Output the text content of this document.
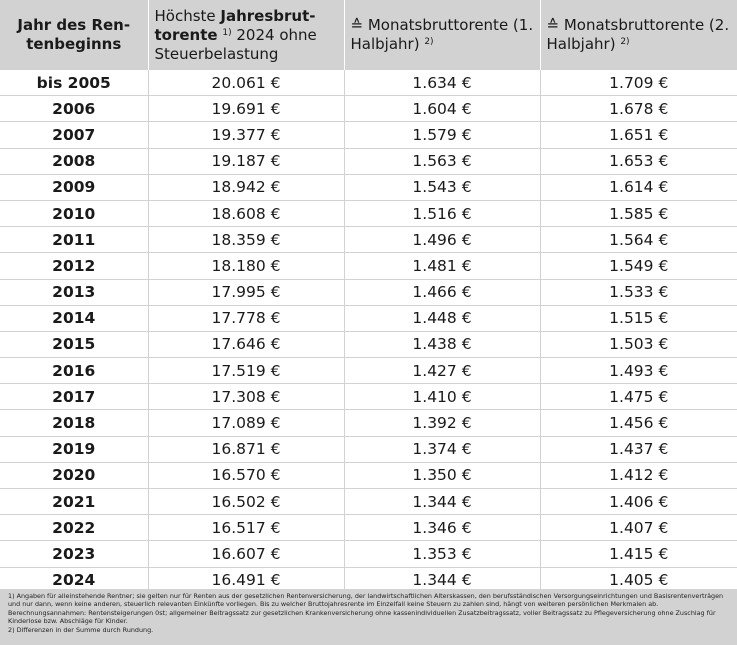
Jahr des Ren-tenbeginns	Höchste Jahresbrut-torente $^{1)}$ 2024 ohne Steuerbelastung	≙ Monatsbruttorente (1. Halbjahr) $^{2)}$	≙ Monatsbruttorente (2. Halbjahr) $^{2)}$
bis 2005	20.061 €	1.634 €	1.709 €
2006	19.691 €	1.604 €	1.678 €
2007	19.377 €	1.579 €	1.651 €
2008	19.187 €	1.563 €	1.653 €
2009	18.942 €	1.543 €	1.614 €
2010	18.608 €	1.516 €	1.585 €
2011	18.359 €	1.496 €	1.564 €
2012	18.180 €	1.481 €	1.549 €
2013	17.995 €	1.466 €	1.533 €
2014	17.778 €	1.448 €	1.515 €
2015	17.646 €	1.438 €	1.503 €
2016	17.519 €	1.427 €	1.493 €
2017	17.308 €	1.410 €	1.475 €
2018	17.089 €	1.392 €	1.456 €
2019	16.871 €	1.374 €	1.437 €
2020	16.570 €	1.350 €	1.412 €
2021	16.502 €	1.344 €	1.406 €
2022	16.517 €	1.346 €	1.407 €
2023	16.607 €	1.353 €	1.415 €
2024	16.491 €	1.344 €	1.405 €
1) Angaben für alleinstehende Rentner; sie gelten nur für Renten aus der gesetzlichen Rentenversicherung, der landwirtschaftlichen Alterskassen, den berufsständischen Versorgungseinrichtungen und Basisrentenverträgen und nur dann, wenn keine anderen, steuerlich relevanten Einkünfte vorliegen. Bis zu welcher Bruttojahresrente im Einzelfall keine Steuern zu zahlen sind, hängt von weiteren persönlichen Merkmalen ab. Berechnungsannahmen: Rentensteigerungen 0st; allgemeiner Beitragssatz zur gesetzlichen Krankenversicherung ohne kassenindividuellen Zusatzbeitragssatz, voller Beitragssatz zu Pflegeversicherung ohne Zuschlag für Kinderlose bzw. Abschläge für Kinder.
2) Differenzen in der Summe durch Rundung.
